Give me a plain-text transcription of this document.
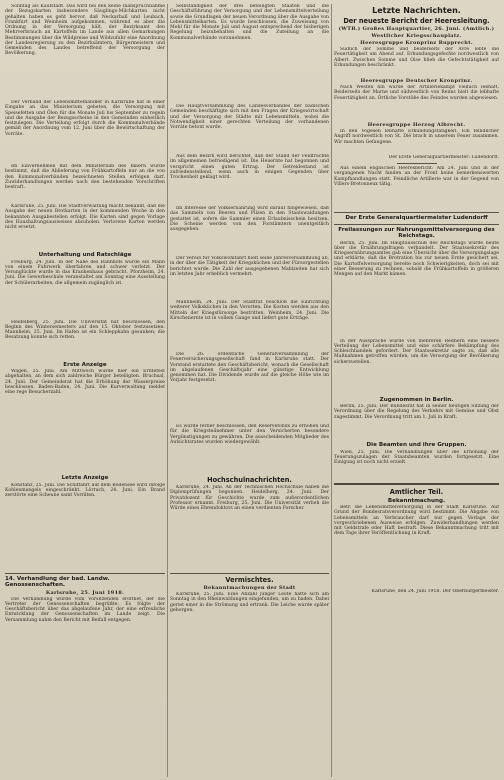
Sonntag als Kaufstadt. Das wird bei den keine Inanspruchnahme der Bezugskarten insbesondere Säuglings-Milchkarten nicht gehalten haben es geht hervor, daß Neckarhall und Leubach, Frankfurt und Weinheim aufgekommen, während es aber die Ordnung in der Versorgung hält, der Bezirksamt den Mehrverbrauch an Kartoffeln im Lande aus allen Gemarkungen Bestimmungen über die Wildpreise und Wildzufuhr eine Anordnung der Landesregierung zu den Bezirksämtern, Bürgermeistern und Gemeinden des Landes betreffend der Versorgung der Bevölkerung.

Der Verband der Lebensmittelhändler in Karlsruhe hat in einer Eingabe an das Ministerium gebeten, die Versorgung mit Speisefetten und Ölen für die Monate Juli bis September zu regeln und die Ausgabe der Bezugsscheine in den Gemeinden einheitlich festzulegen. Die Verteilung erfolgt durch die Kommunalverbände gemäß der Anordnung vom 12. Juni über die Bewirtschaftung der Vorräte.

Im Einvernehmen mit dem Ministerium des Innern wurde bestimmt, daß die Ablieferung von Frühkartoffeln nur an die von den Kommunalverbänden bezeichneten Stellen erfolgen darf. Zuwiderhandlungen werden nach den bestehenden Vorschriften bestraft.

Karlsruhe, 25. Juni. Die Stadtverwaltung macht bekannt, daß die Ausgabe der neuen Brotkarten in der kommenden Woche in den bekannten Ausgabestellen erfolgt. Die Karten sind gegen Vorlage des Haushaltungsausweises abzuholen. Verlorene Karten werden nicht ersetzt.

Unterhaltung und Ratschläge

Freiburg, 24. Juni. In der Nähe des Bahnhofs wurde ein Mann von einem Fuhrwerk überfahren und schwer verletzt. Der Verunglückte wurde in das Krankenhaus gebracht. Pforzheim, 24. Juni. Die Gewerbeschule veranstaltet am Sonntag eine Ausstellung der Schülerarbeiten, die allgemein zugänglich ist.

Heidelberg, 25. Juni. Die Universität hat beschlossen, den Beginn des Wintersemesters auf den 15. Oktober festzusetzen. Mannheim, 25. Juni. Im Hafen ist ein Schleppkahn gesunken; die Besatzung konnte sich retten.

Erste Anzeige

Wagen, 25. Juni. Am Mittwoch wurde hier ein Erntefest abgehalten, an dem sich zahlreiche Bürger beteiligten. Bruchsal, 24. Juni. Der Gemeinderat hat die Erhöhung der Wasserpreise beschlossen. Baden-Baden, 24. Juni. Die Kurverwaltung meldet eine rege Besucherzahl.

Letzte Anzeige

Konstanz, 25. Juni. Die Schiffahrt auf dem Bodensee wird infolge Kohlenmangels eingeschränkt. Lörrach, 24. Juni. Ein Brand zerstörte eine Scheune samt Vorräten.

14. Verhandlung der bad. Landw. Genossenschaften.
Karlsruhe, 25. Juni 1918.

Die Verhandlung wurde vom Vorsitzenden eröffnet, der die Vertreter der Genossenschaften begrüßte. Es folgte der Geschäftsbericht über das abgelaufene Jahr, der eine erfreuliche Entwicklung der Genossenschaften im Lande zeigt. Die Versammlung nahm den Bericht mit Beifall entgegen.

Selbständigkeit der drei beteiligten Staaten und die Geschäftsführung der Versorgung und der Lebensmittelverteilung sowie die Grundlagen der neuen Verordnung über die Ausgabe von Lebensmittelkarten. Es wurde beschlossen, die Zuweisung von Mehl für die Monate Juli und August entsprechend der bisherigen Regelung beizubehalten und die Zuteilung an die Kommunalverbände vorzunehmen.

Die Hauptversammlung des Landesverbandes der badischen Gemeinden beschäftigte sich mit den Fragen der Kriegswirtschaft und der Versorgung der Städte mit Lebensmitteln, wobei die Notwendigkeit einer gerechten Verteilung der vorhandenen Vorräte betont wurde.

Aus dem Bezirk wird berichtet, daß der Stand der Feldfrüchte im allgemeinen befriedigend ist. Die Heuernte hat begonnen und verspricht einen guten Ertrag. Der Getreidestand ist zufriedenstellend, wenn auch in einigen Gegenden über Trockenheit geklagt wird.

Im Interesse der Volksernährung wird darauf hingewiesen, daß das Sammeln von Beeren und Pilzen in den Staatswaldungen gestattet ist, sofern die Sammler einen Erlaubnisschein besitzen. Die Scheine werden von den Forstämtern unentgeltlich ausgegeben.

Der Verein für Volkswohlfahrt hielt seine Jahresversammlung ab, in der über die Tätigkeit der Kriegsküchen und der Fürsorgestellen berichtet wurde. Die Zahl der ausgegebenen Mahlzeiten hat sich im letzten Jahr erheblich vermehrt.

Mannheim, 24. Juni. Der Stadtrat beschloß die Einrichtung weiterer Volksküchen in den Vororten. Die Kosten werden aus den Mitteln der Kriegsfürsorge bestritten. Weinheim, 24. Juni. Die Kirschenernte ist in vollem Gange und liefert gute Erträge.

Die 26. ordentliche Generalversammlung der Feuerversicherungsgesellschaft fand in Karlsruhe statt. Der Vorstand erstattete den Geschäftsbericht, wonach die Gesellschaft im abgelaufenen Geschäftsjahr eine günstige Entwicklung genommen hat. Die Dividende wurde auf die gleiche Höhe wie im Vorjahr festgesetzt.

Es wurde ferner beschlossen, den Reservefonds zu erhöhen und für die Kriegsteilnehmer unter den Versicherten besondere Vergünstigungen zu gewähren. Die ausscheidenden Mitglieder des Aufsichtsrates wurden wiedergewählt.

Hochschulnachrichten.

Karlsruhe, 24. Juni. An der Technischen Hochschule haben die Diplomprüfungen begonnen. Heidelberg, 24. Juni. Der Privatdozent für Geschichte wurde zum außerordentlichen Professor ernannt. Freiburg, 25. Juni. Die Universität verlieh die Würde eines Ehrendoktors an einen verdienten Forscher.

Vermischtes.
Bekanntmachungen der Stadt

Karlsruhe, 25. Juni. Eine Anzahl junger Leute hatte sich am Sonntag in den Rheinwaldungen eingefunden, um zu baden. Dabei geriet einer in die Strömung und ertrank. Die Leiche wurde später geborgen.

Letzte Nachrichten.
Der neueste Bericht der Heeresleitung.
(WTB.) Großes Hauptquartier, 26. Juni. (Amtlich.)
Westlicher Kriegsschauplatz.
Heeresgruppe Kronprinz Rupprecht.

Südlich der Somme und beiderseits der Avre lebte die Feuertätigkeit am Abend auf. Erkundungsgefechte nordwestlich von Albert. Zwischen Somme und Oise blieb die Gefechtstätigkeit auf Erkundungen beschränkt.

Heeresgruppe Deutscher Kronprinz.

Nach Westen hin wurde der Artilleriekampf vielfach lebhaft. Beiderseits der Marne und südwestlich von Reims hielt die lebhafte Feuertätigkeit an. Örtliche Vorstöße des Feindes wurden abgewiesen.

Heeresgruppe Herzog Albrecht.

In den Vogesen lebhafte Erkundungstätigkeit. Ein feindlicher Angriff nordwestlich von St. Dié brach in unserem Feuer zusammen. Wir machten Gefangene.

Der Erste Generalquartiermeister: Ludendorff.

Aus einem englischen Heeresbericht: Am 24. Juni und in der vergangenen Nacht fanden an der Front keine bemerkenswerten Kampfhandlungen statt. Feindliche Artillerie war in der Gegend von Villers-Bretonneux tätig.

Der Erste Generalquartiermeister Ludendorff
Freilassungen zur Nahrungsmittelversorgung des Reichstags.

Berlin, 25. Juni. Im Hauptausschuß des Reichstags wurde heute über die Ernährungsfragen verhandelt. Der Staatssekretär des Kriegsernährungsamtes gab eine Übersicht über die Versorgungslage und erklärte, daß die Brotration bis zur neuen Ernte gesichert sei. Die Kartoffelversorgung bereite noch Schwierigkeiten, doch sei mit einer Besserung zu rechnen, sobald die Frühkartoffeln in größeren Mengen auf den Markt kämen.

In der Aussprache wurde von mehreren Rednern eine bessere Verteilung der Lebensmittel und eine schärfere Bekämpfung des Schleichhandels gefordert. Der Staatssekretär sagte zu, daß alle Maßnahmen getroffen würden, um die Versorgung der Bevölkerung sicherzustellen.

Zugenommen in Berlin.

Berlin, 25. Juni. Der Bundesrat hat in seiner heutigen Sitzung der Verordnung über die Regelung des Verkehrs mit Gemüse und Obst zugestimmt. Die Verordnung tritt am 1. Juli in Kraft.

Die Beamten und ihre Gruppen.

Wien, 25. Juni. Die Verhandlungen über die Erhöhung der Teuerungszulagen der Staatsbeamten wurden fortgesetzt. Eine Einigung ist noch nicht erzielt.

Amtlicher Teil.
Bekanntmachung.

Betr. die Lebensmittelversorgung in der Stadt Karlsruhe. Auf Grund der Bundesratsverordnung wird bestimmt: Die Abgabe von Lebensmitteln an Verbraucher darf nur gegen Vorlage der vorgeschriebenen Ausweise erfolgen. Zuwiderhandlungen werden mit Geldstrafe oder Haft bestraft. Diese Bekanntmachung tritt mit dem Tage ihrer Veröffentlichung in Kraft.

Karlsruhe, den 24. Juni 1918. Der Oberbürgermeister.
